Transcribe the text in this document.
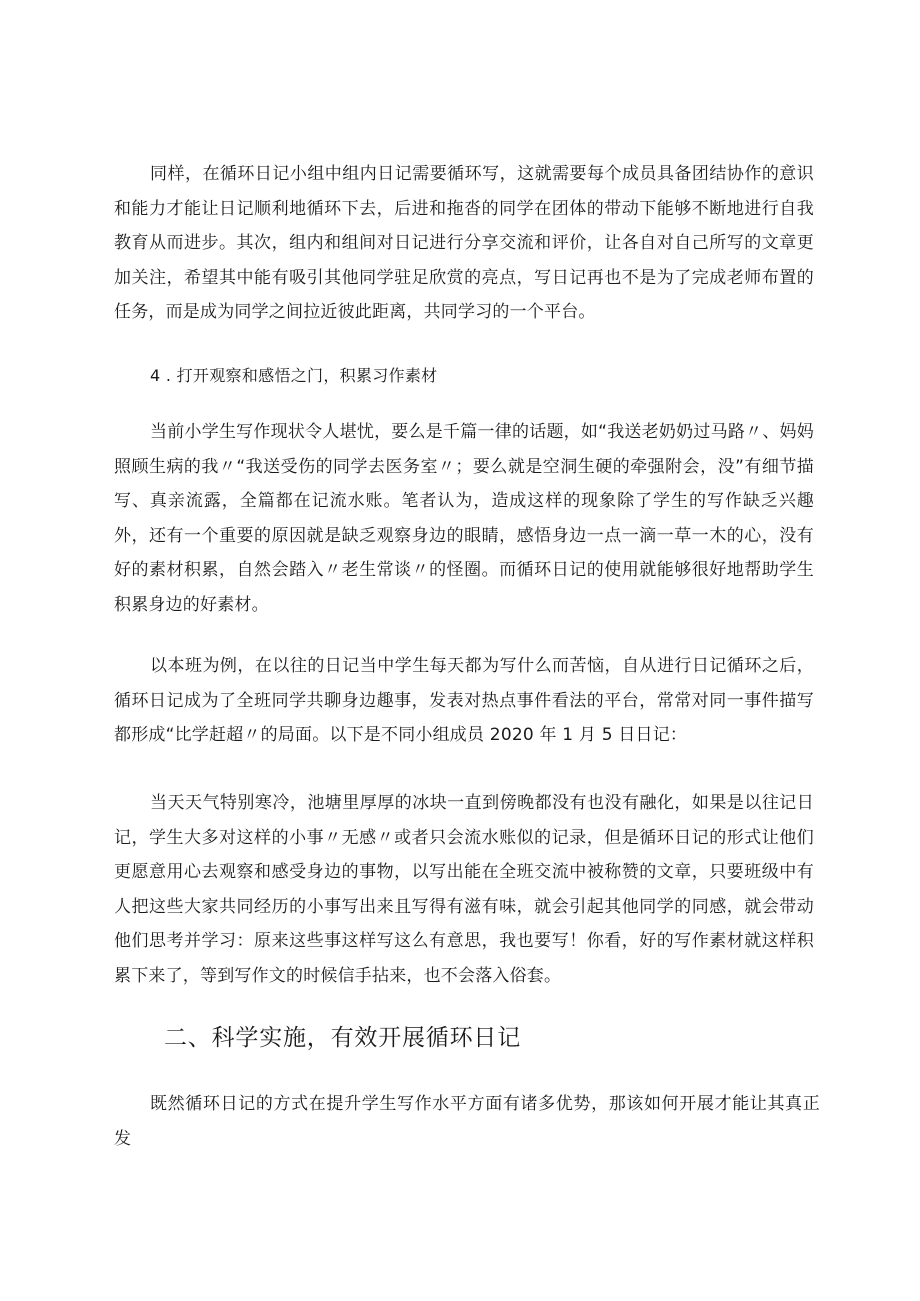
同样，在循环日记小组中组内日记需要循环写，这就需要每个成员具备团结协作的意识和能力才能让日记顺利地循环下去，后进和拖沓的同学在团体的带动下能够不断地进行自我教育从而进步。其次，组内和组间对日记进行分享交流和评价，让各自对自己所写的文章更加关注，希望其中能有吸引其他同学驻足欣赏的亮点，写日记再也不是为了完成老师布置的任务，而是成为同学之间拉近彼此距离，共同学习的一个平台。

4 . 打开观察和感悟之门，积累习作素材

当前小学生写作现状令人堪忧，要么是千篇一律的话题，如“我送老奶奶过马路〃、妈妈照顾生病的我〃“我送受伤的同学去医务室〃；要么就是空洞生硬的牵强附会，没”有细节描写、真亲流露，全篇都在记流水账。笔者认为，造成这样的现象除了学生的写作缺乏兴趣外，还有一个重要的原因就是缺乏观察身边的眼睛，感悟身边一点一滴一草一木的心，没有好的素材积累，自然会踏入〃老生常谈〃的怪圈。而循环日记的使用就能够很好地帮助学生积累身边的好素材。

以本班为例，在以往的日记当中学生每天都为写什么而苦恼，自从进行日记循环之后，循环日记成为了全班同学共聊身边趣事，发表对热点事件看法的平台，常常对同一事件描写都形成“比学赶超〃的局面。以下是不同小组成员 2020 年 1 月 5 日日记：

当天天气特别寒冷，池塘里厚厚的冰块一直到傍晚都没有也没有融化，如果是以往记日记，学生大多对这样的小事〃无感〃或者只会流水账似的记录，但是循环日记的形式让他们更愿意用心去观察和感受身边的事物，以写出能在全班交流中被称赞的文章，只要班级中有人把这些大家共同经历的小事写出来且写得有滋有味，就会引起其他同学的同感，就会带动他们思考并学习：原来这些事这样写这么有意思，我也要写！你看，好的写作素材就这样积累下来了，等到写作文的时候信手拈来，也不会落入俗套。

二、科学实施，有效开展循环日记

既然循环日记的方式在提升学生写作水平方面有诸多优势，那该如何开展才能让其真正发
